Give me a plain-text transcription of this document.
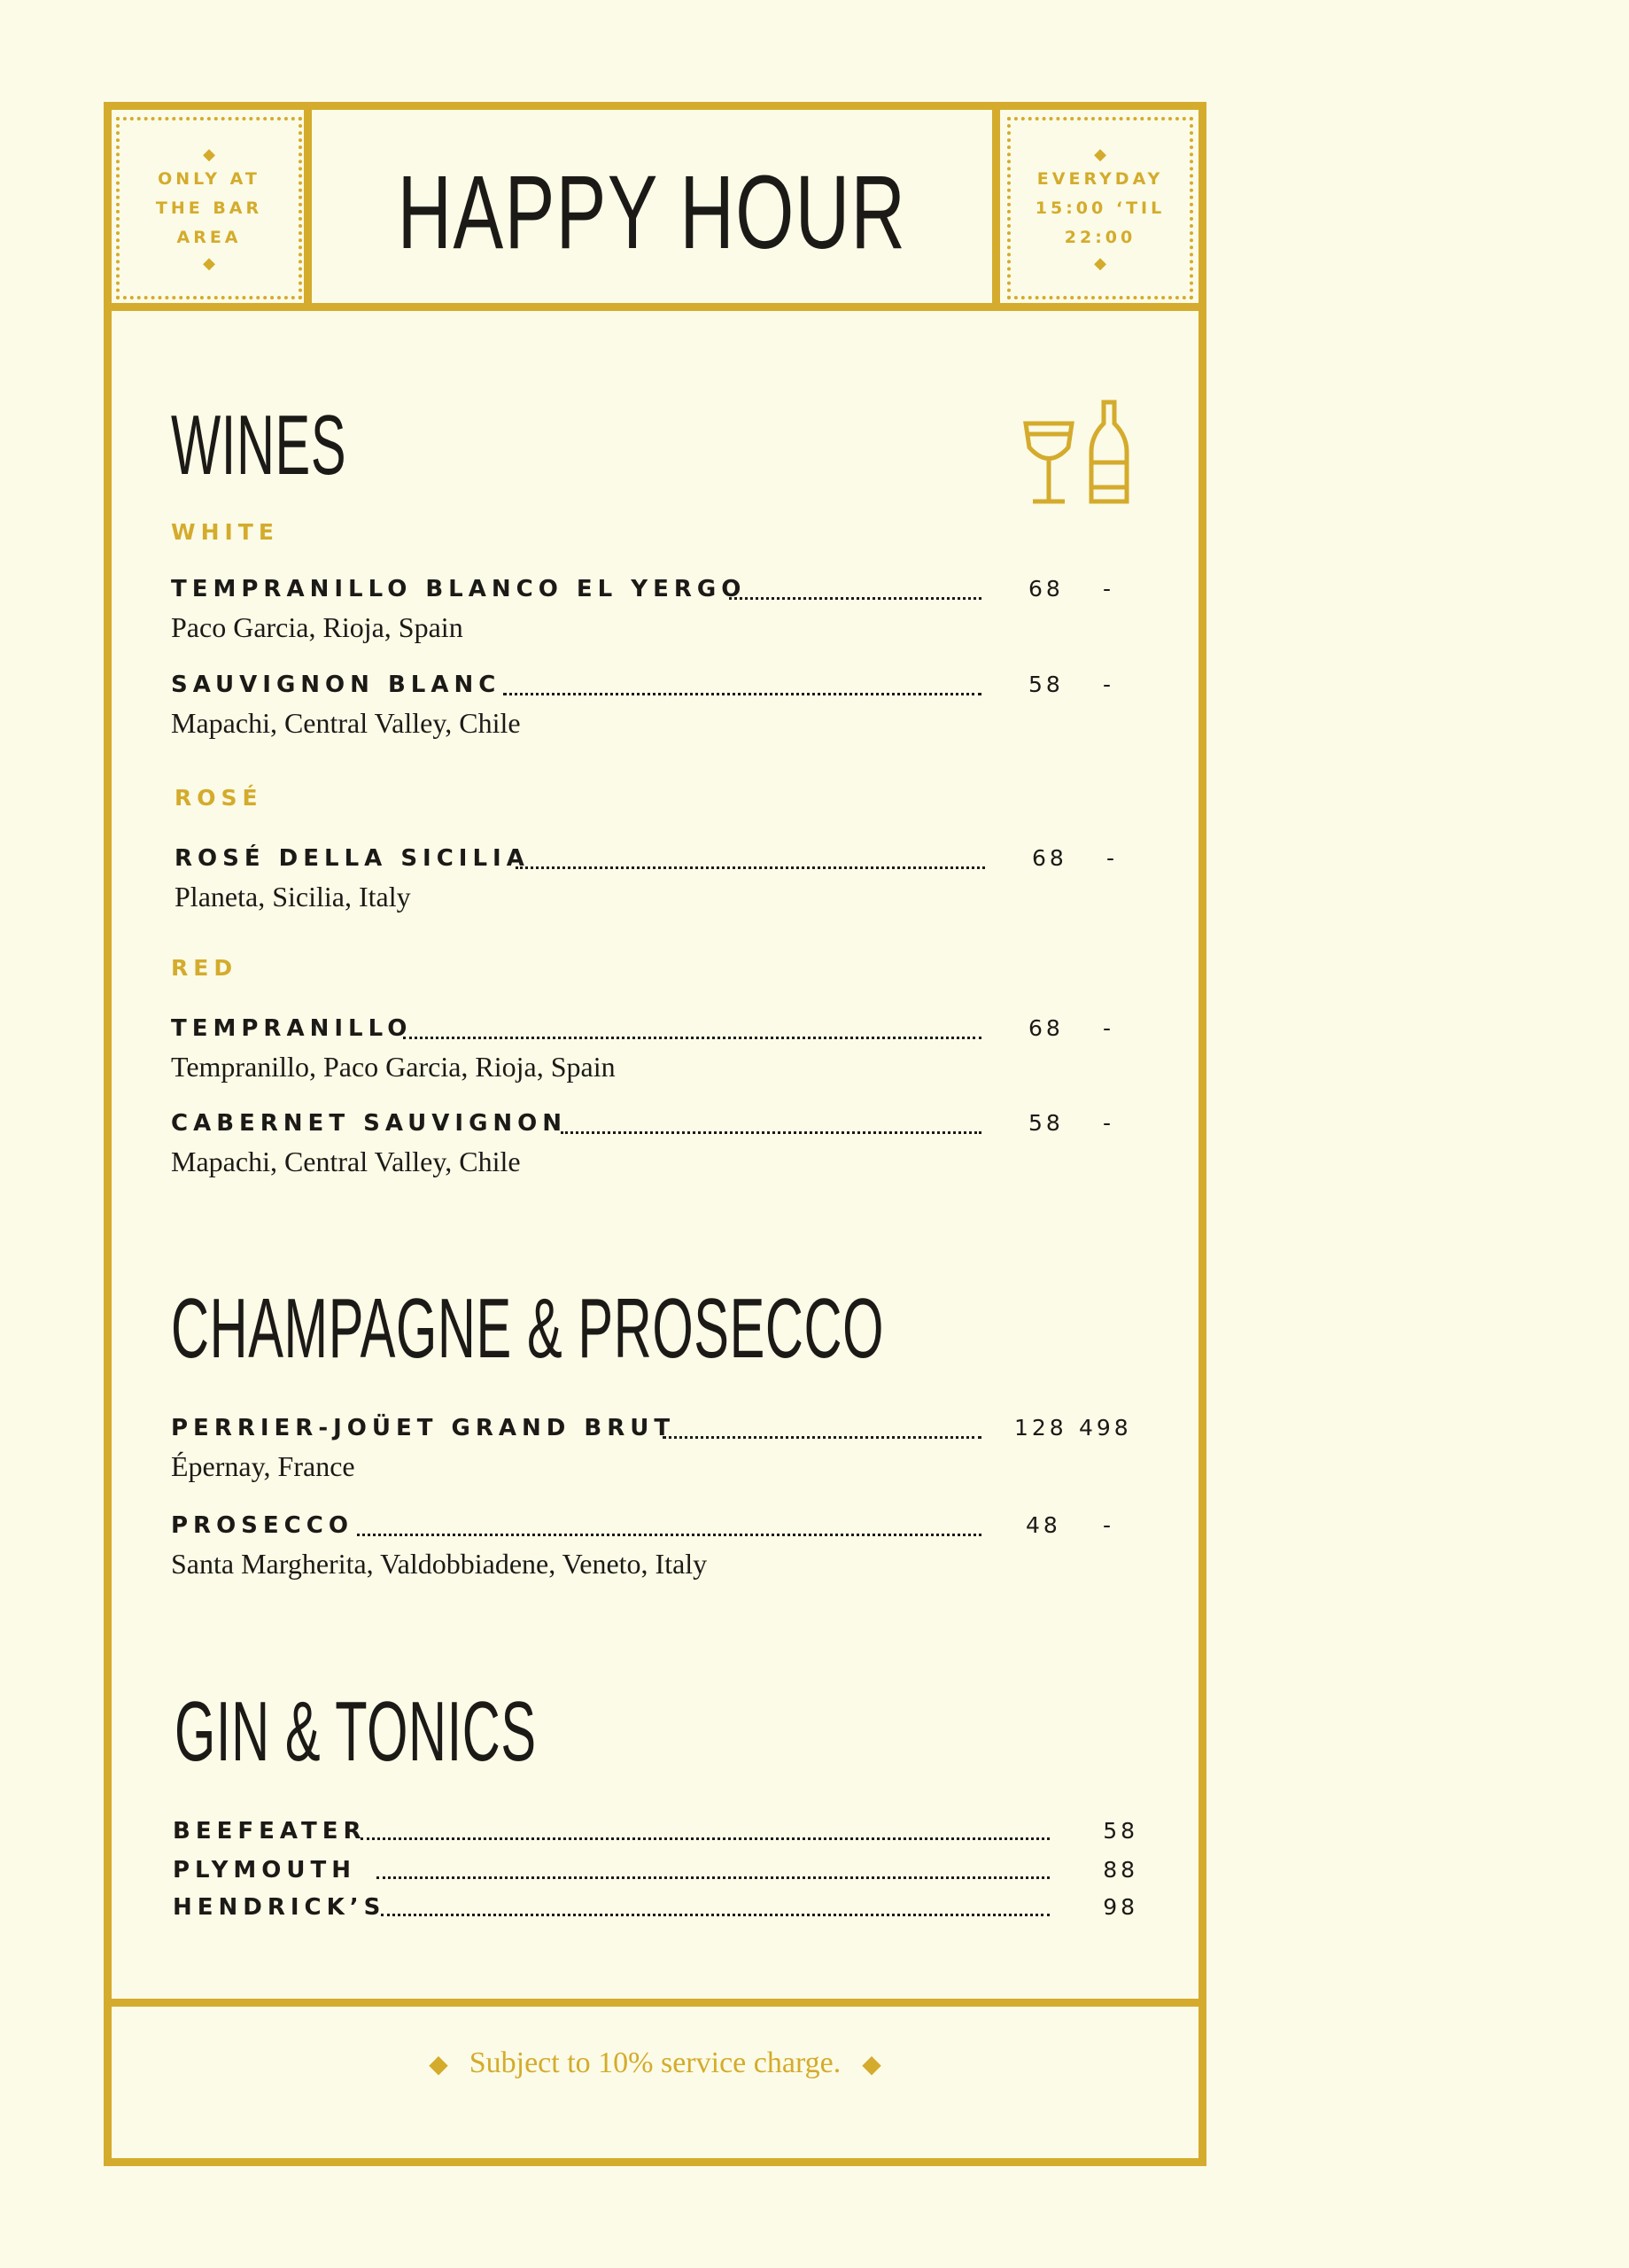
◆
ONLY AT
THE BAR
AREA
◆ HAPPY HOUR
◆
EVERYDAY
15:00 ‘TIL
22:00
◆
WINES
WHITE
TEMPRANILLO BLANCO EL YERGO	68 -
Paco Garcia, Rioja, Spain
SAUVIGNON BLANC	58 -
Mapachi, Central Valley, Chile
ROSÉ
ROSÉ DELLA SICILIA	68 -
Planeta, Sicilia, Italy
RED
TEMPRANILLO	68 -
Tempranillo, Paco Garcia, Rioja, Spain
CABERNET SAUVIGNON	58 -
Mapachi, Central Valley, Chile
CHAMPAGNE & PROSECCO
PERRIER-JOÜET GRAND BRUT	128 498
Épernay, France
PROSECCO	48 -
Santa Margherita, Valdobbiadene, Veneto, Italy
GIN & TONICS
BEEFEATER	58
PLYMOUTH	88
HENDRICK’S	98
◆ Subject to 10% service charge. ◆
